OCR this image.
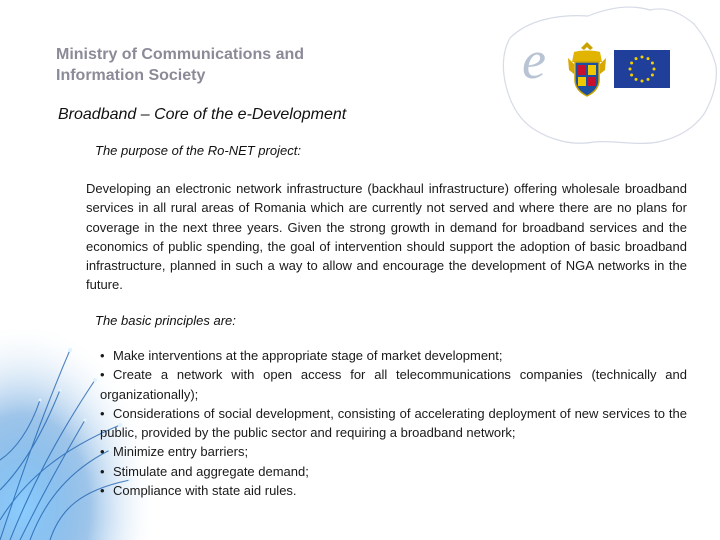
Ministry of Communications and
Information Society	e
Broadband – Core of the e-Development
The purpose of the Ro-NET project:
Developing an electronic network infrastructure (backhaul infrastructure) offering wholesale broadband services in all rural areas of Romania which are currently not served and where there are no plans for coverage in the next three years. Given the strong growth in demand for broadband services and the economics of public spending, the goal of intervention should support the adoption of basic broadband infrastructure, planned in such a way to allow and encourage the development of NGA networks in the future.
The basic principles are:
• Make interventions at the appropriate stage of market development;
• Create a network with open access for all telecommunications companies (technically and organizationally);
• Considerations of social development, consisting of accelerating deployment of new services to the public, provided by the public sector and requiring a broadband network;
• Minimize entry barriers;
• Stimulate and aggregate demand;
• Compliance with state aid rules.
